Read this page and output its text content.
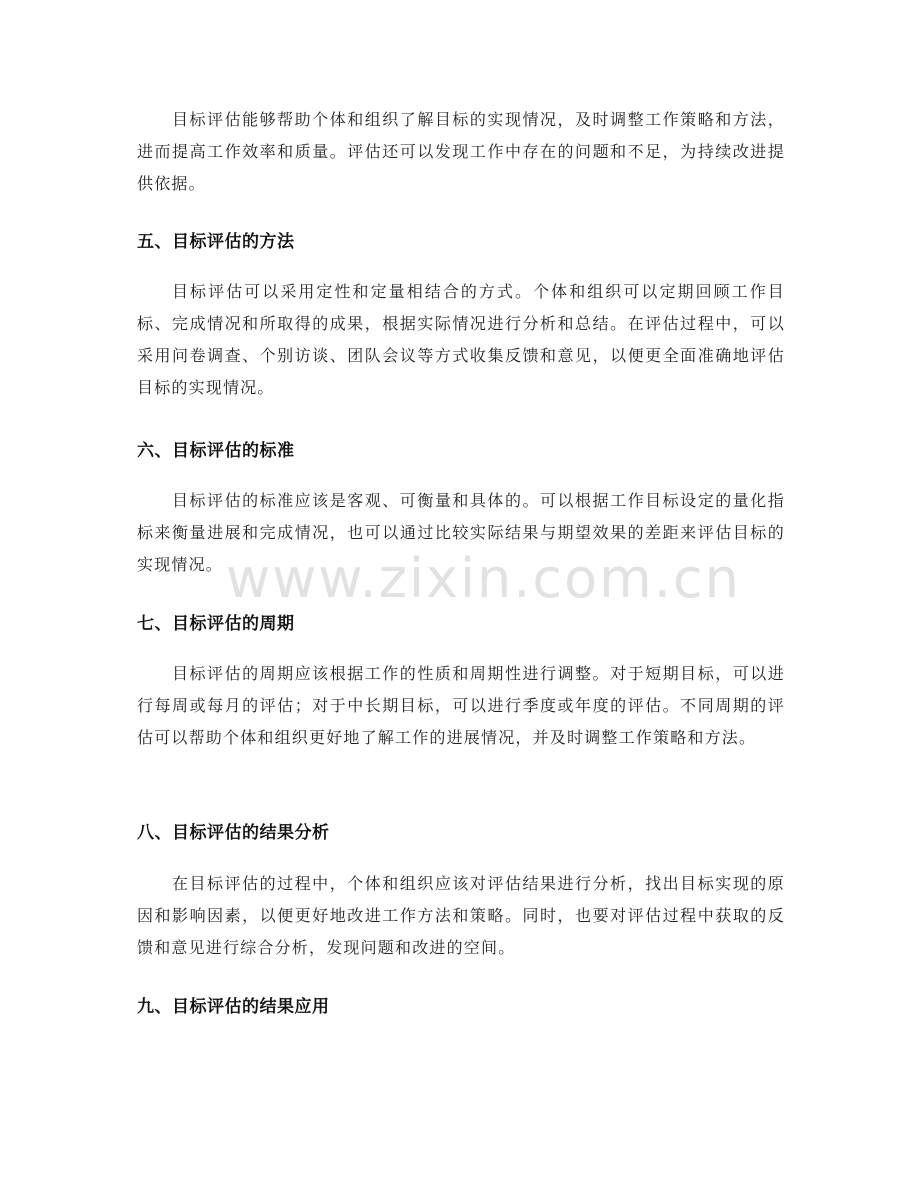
www.zixin.com.cn

目标评估能够帮助个体和组织了解目标的实现情况，及时调整工作策略和方法，进而提高工作效率和质量。评估还可以发现工作中存在的问题和不足，为持续改进提供依据。

五、目标评估的方法

目标评估可以采用定性和定量相结合的方式。个体和组织可以定期回顾工作目标、完成情况和所取得的成果，根据实际情况进行分析和总结。在评估过程中，可以采用问卷调查、个别访谈、团队会议等方式收集反馈和意见，以便更全面准确地评估目标的实现情况。

六、目标评估的标准

目标评估的标准应该是客观、可衡量和具体的。可以根据工作目标设定的量化指标来衡量进展和完成情况，也可以通过比较实际结果与期望效果的差距来评估目标的实现情况。

七、目标评估的周期

目标评估的周期应该根据工作的性质和周期性进行调整。对于短期目标，可以进行每周或每月的评估；对于中长期目标，可以进行季度或年度的评估。不同周期的评估可以帮助个体和组织更好地了解工作的进展情况，并及时调整工作策略和方法。

八、目标评估的结果分析

在目标评估的过程中，个体和组织应该对评估结果进行分析，找出目标实现的原因和影响因素，以便更好地改进工作方法和策略。同时，也要对评估过程中获取的反馈和意见进行综合分析，发现问题和改进的空间。

九、目标评估的结果应用
